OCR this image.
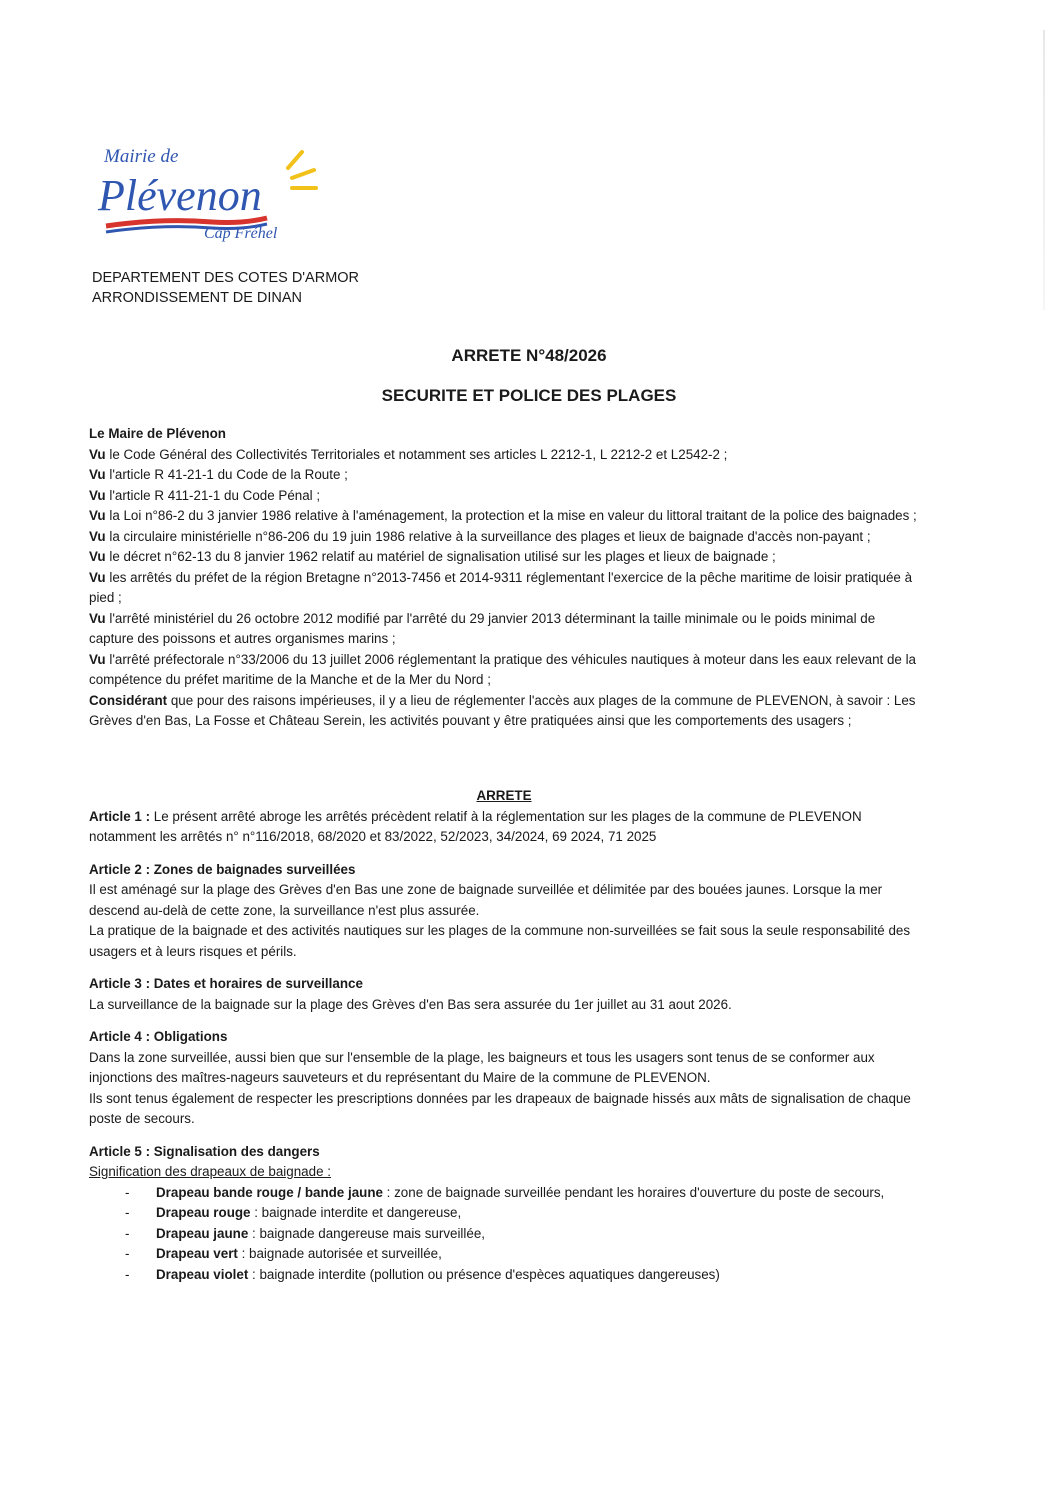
Mairie de
Plévenon
Cap Fréhel
DEPARTEMENT DES COTES D'ARMOR
ARRONDISSEMENT DE DINAN
ARRETE N°48/2026
SECURITE ET POLICE DES PLAGES
Le Maire de Plévenon
Vu le Code Général des Collectivités Territoriales et notamment ses articles L 2212-1, L 2212-2 et L2542-2 ;
Vu l'article R 41-21-1 du Code de la Route ;
Vu l'article R 411-21-1 du Code Pénal ;
Vu la Loi n°86-2 du 3 janvier 1986 relative à l'aménagement, la protection et la mise en valeur du littoral traitant de la police des baignades ;
Vu la circulaire ministérielle n°86-206 du 19 juin 1986 relative à la surveillance des plages et lieux de baignade d'accès non-payant ;
Vu le décret n°62-13 du 8 janvier 1962 relatif au matériel de signalisation utilisé sur les plages et lieux de baignade ;
Vu les arrêtés du préfet de la région Bretagne n°2013-7456 et 2014-9311 réglementant l'exercice de la pêche maritime de loisir pratiquée à pied ;
Vu l'arrêté ministériel du 26 octobre 2012 modifié par l'arrêté du 29 janvier 2013 déterminant la taille minimale ou le poids minimal de capture des poissons et autres organismes marins ;
Vu l'arrêté préfectorale n°33/2006 du 13 juillet 2006 réglementant la pratique des véhicules nautiques à moteur dans les eaux relevant de la compétence du préfet maritime de la Manche et de la Mer du Nord ;
Considérant que pour des raisons impérieuses, il y a lieu de réglementer l'accès aux plages de la commune de PLEVENON, à savoir : Les Grèves d'en Bas, La Fosse et Château Serein, les activités pouvant y être pratiquées ainsi que les comportements des usagers ;
ARRETE
Article 1 : Le présent arrêté abroge les arrêtés précèdent relatif à la réglementation sur les plages de la commune de PLEVENON notamment les arrêtés n° n°116/2018, 68/2020 et 83/2022, 52/2023, 34/2024, 69 2024, 71 2025
Article 2 : Zones de baignades surveillées
Il est aménagé sur la plage des Grèves d'en Bas une zone de baignade surveillée et délimitée par des bouées jaunes. Lorsque la mer descend au-delà de cette zone, la surveillance n'est plus assurée.
La pratique de la baignade et des activités nautiques sur les plages de la commune non-surveillées se fait sous la seule responsabilité des usagers et à leurs risques et périls.
Article 3 : Dates et horaires de surveillance
La surveillance de la baignade sur la plage des Grèves d'en Bas sera assurée du 1er juillet au 31 aout 2026.
Article 4 : Obligations
Dans la zone surveillée, aussi bien que sur l'ensemble de la plage, les baigneurs et tous les usagers sont tenus de se conformer aux injonctions des maîtres-nageurs sauveteurs et du représentant du Maire de la commune de PLEVENON.
Ils sont tenus également de respecter les prescriptions données par les drapeaux de baignade hissés aux mâts de signalisation de chaque poste de secours.
Article 5 : Signalisation des dangers
Signification des drapeaux de baignade :
- Drapeau bande rouge / bande jaune : zone de baignade surveillée pendant les horaires d'ouverture du poste de secours,
- Drapeau rouge : baignade interdite et dangereuse,
- Drapeau jaune : baignade dangereuse mais surveillée,
- Drapeau vert : baignade autorisée et surveillée,
- Drapeau violet : baignade interdite (pollution ou présence d'espèces aquatiques dangereuses)
